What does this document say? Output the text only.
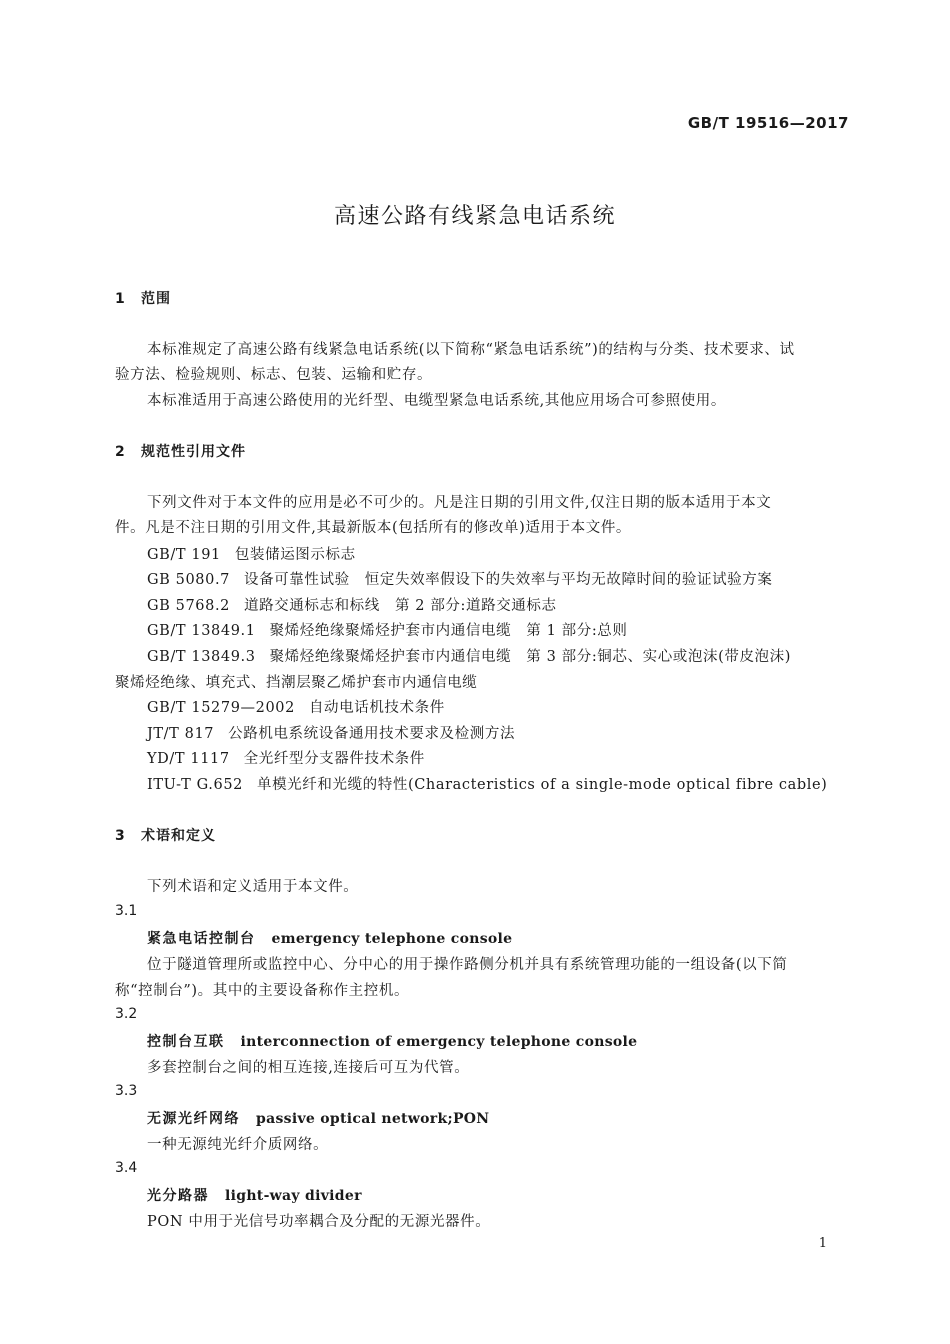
GB/T 19516—2017
高速公路有线紧急电话系统
1 范围
本标准规定了高速公路有线紧急电话系统(以下简称“紧急电话系统”)的结构与分类、技术要求、试
验方法、检验规则、标志、包装、运输和贮存。
本标准适用于高速公路使用的光纤型、电缆型紧急电话系统,其他应用场合可参照使用。
2 规范性引用文件
下列文件对于本文件的应用是必不可少的。凡是注日期的引用文件,仅注日期的版本适用于本文
件。凡是不注日期的引用文件,其最新版本(包括所有的修改单)适用于本文件。
GB/T 191 包装储运图示标志
GB 5080.7 设备可靠性试验　恒定失效率假设下的失效率与平均无故障时间的验证试验方案
GB 5768.2 道路交通标志和标线　第 2 部分:道路交通标志
GB/T 13849.1 聚烯烃绝缘聚烯烃护套市内通信电缆　第 1 部分:总则
GB/T 13849.3 聚烯烃绝缘聚烯烃护套市内通信电缆　第 3 部分:铜芯、实心或泡沫(带皮泡沫)
聚烯烃绝缘、填充式、挡潮层聚乙烯护套市内通信电缆
GB/T 15279—2002 自动电话机技术条件
JT/T 817 公路机电系统设备通用技术要求及检测方法
YD/T 1117 全光纤型分支器件技术条件
ITU-T G.652 单模光纤和光缆的特性(Characteristics of a single-mode optical fibre cable)
3 术语和定义
下列术语和定义适用于本文件。
3.1
紧急电话控制台 emergency telephone console
位于隧道管理所或监控中心、分中心的用于操作路侧分机并具有系统管理功能的一组设备(以下简
称“控制台”)。其中的主要设备称作主控机。
3.2
控制台互联 interconnection of emergency telephone console
多套控制台之间的相互连接,连接后可互为代管。
3.3
无源光纤网络 passive optical network;PON
一种无源纯光纤介质网络。
3.4
光分路器 light-way divider
PON 中用于光信号功率耦合及分配的无源光器件。
1
